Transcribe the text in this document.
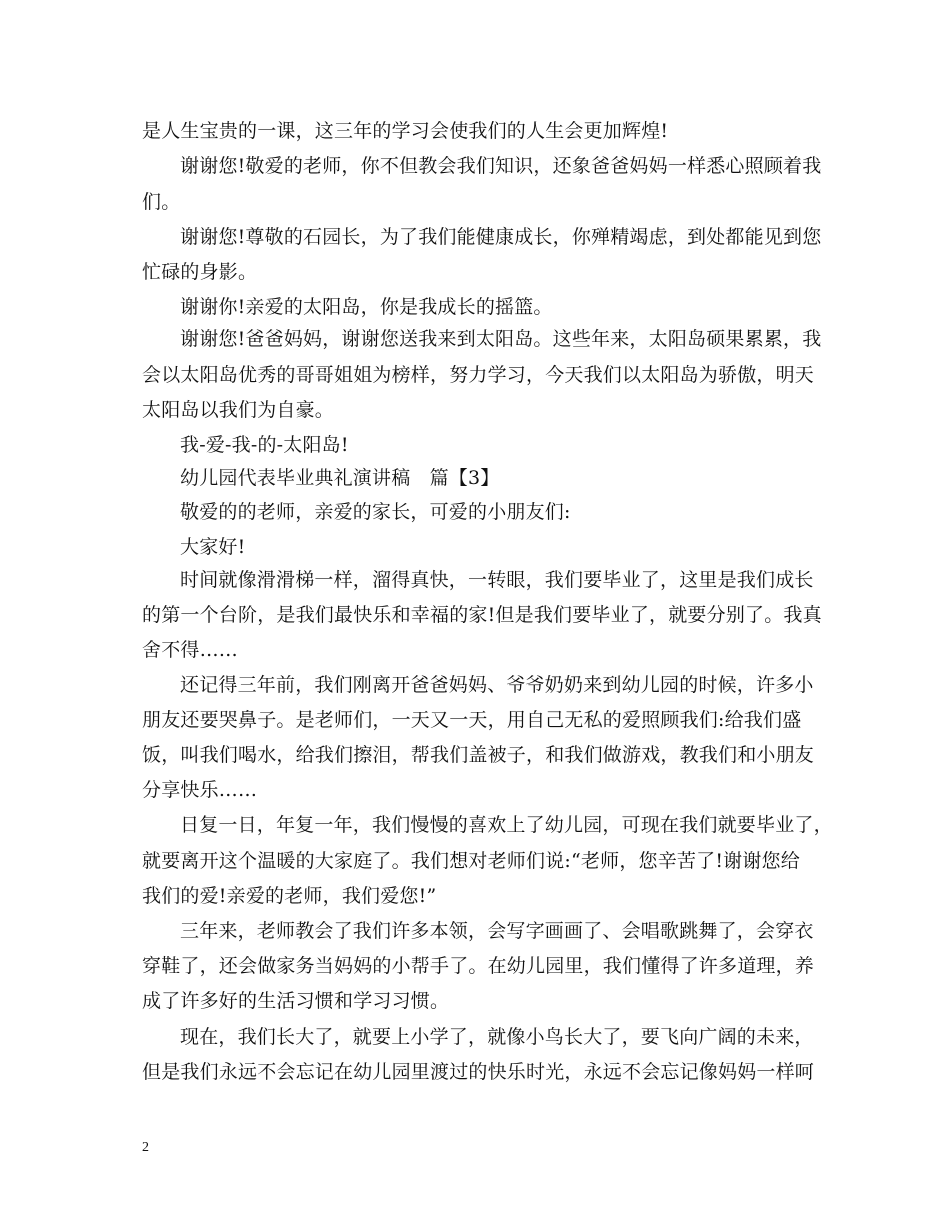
是人生宝贵的一课，这三年的学习会使我们的人生会更加辉煌!
谢谢您!敬爱的老师，你不但教会我们知识，还象爸爸妈妈一样悉心照顾着我
们。
谢谢您!尊敬的石园长，为了我们能健康成长，你殚精竭虑，到处都能见到您
忙碌的身影。
谢谢你!亲爱的太阳岛，你是我成长的摇篮。
谢谢您!爸爸妈妈，谢谢您送我来到太阳岛。这些年来，太阳岛硕果累累，我
会以太阳岛优秀的哥哥姐姐为榜样，努力学习，今天我们以太阳岛为骄傲，明天
太阳岛以我们为自豪。
我-爱-我-的-太阳岛!
幼儿园代表毕业典礼演讲稿　篇【3】
敬爱的的老师，亲爱的家长，可爱的小朋友们:
大家好!
时间就像滑滑梯一样，溜得真快，一转眼，我们要毕业了，这里是我们成长
的第一个台阶，是我们最快乐和幸福的家!但是我们要毕业了，就要分别了。我真
舍不得……
还记得三年前，我们刚离开爸爸妈妈、爷爷奶奶来到幼儿园的时候，许多小
朋友还要哭鼻子。是老师们，一天又一天，用自己无私的爱照顾我们:给我们盛
饭，叫我们喝水，给我们擦泪，帮我们盖被子，和我们做游戏，教我们和小朋友
分享快乐……
日复一日，年复一年，我们慢慢的喜欢上了幼儿园，可现在我们就要毕业了，
就要离开这个温暖的大家庭了。我们想对老师们说:“老师，您辛苦了!谢谢您给
我们的爱!亲爱的老师，我们爱您!”
三年来，老师教会了我们许多本领，会写字画画了、会唱歌跳舞了，会穿衣
穿鞋了，还会做家务当妈妈的小帮手了。在幼儿园里，我们懂得了许多道理，养
成了许多好的生活习惯和学习习惯。
现在，我们长大了，就要上小学了，就像小鸟长大了，要飞向广阔的未来，
但是我们永远不会忘记在幼儿园里渡过的快乐时光，永远不会忘记像妈妈一样呵
2
